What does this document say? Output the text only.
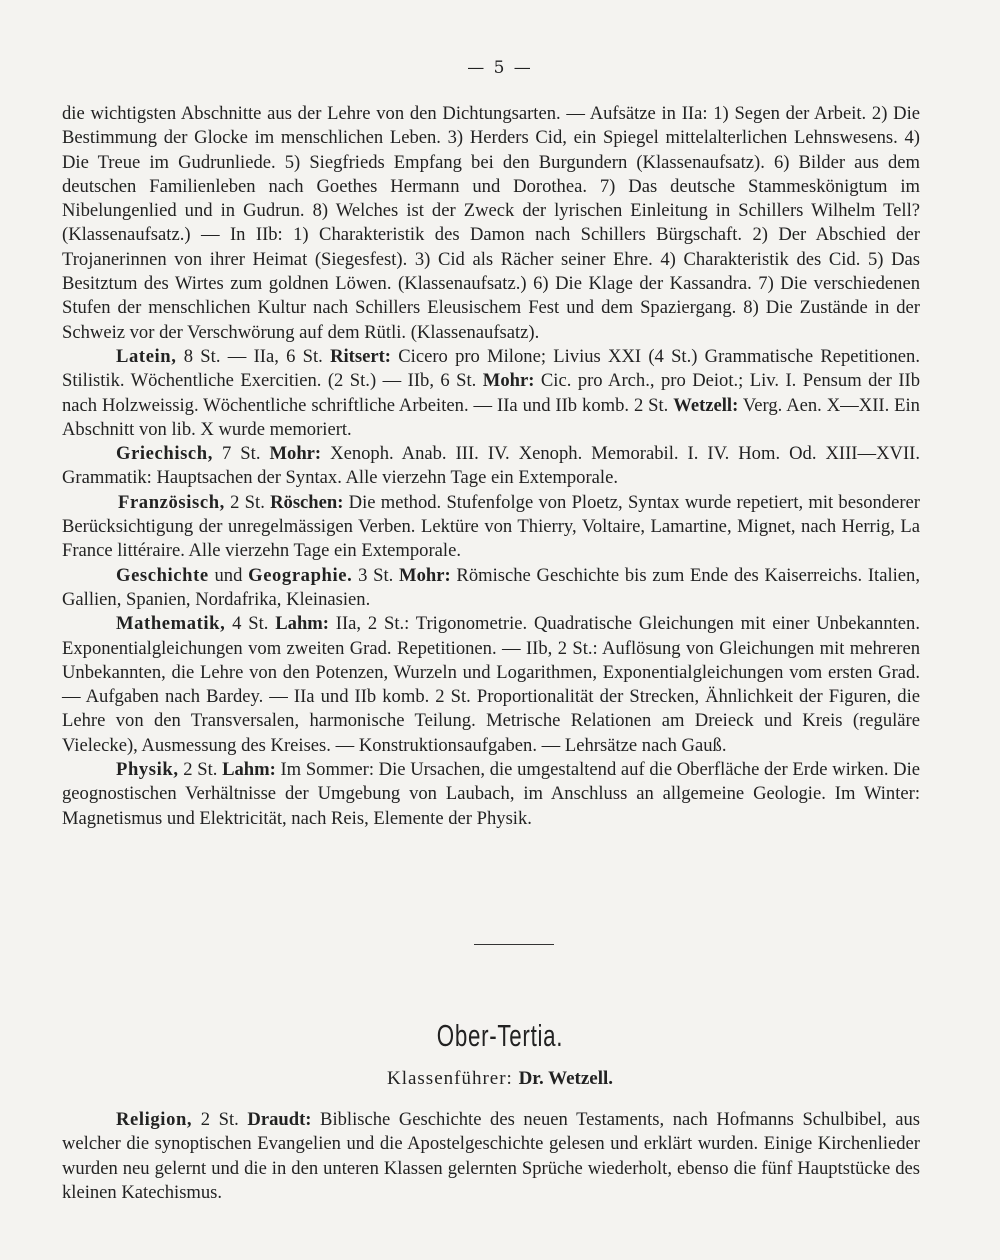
— 5 —

die wichtigsten Abschnitte aus der Lehre von den Dichtungsarten. — Aufsätze in IIa: 1) Segen der Arbeit. 2) Die Bestimmung der Glocke im menschlichen Leben. 3) Herders Cid, ein Spiegel mittelalterlichen Lehnswesens. 4) Die Treue im Gudrunliede. 5) Siegfrieds Empfang bei den Burgundern (Klassenaufsatz). 6) Bilder aus dem deutschen Familienleben nach Goethes Hermann und Dorothea. 7) Das deutsche Stammeskönigtum im Nibelungenlied und in Gudrun. 8) Welches ist der Zweck der lyrischen Einleitung in Schillers Wilhelm Tell? (Klassenaufsatz.) — In IIb: 1) Charakteristik des Damon nach Schillers Bürgschaft. 2) Der Abschied der Trojanerinnen von ihrer Heimat (Siegesfest). 3) Cid als Rächer seiner Ehre. 4) Charakteristik des Cid. 5) Das Besitztum des Wirtes zum goldnen Löwen. (Klassenaufsatz.) 6) Die Klage der Kassandra. 7) Die verschiedenen Stufen der menschlichen Kultur nach Schillers Eleusischem Fest und dem Spaziergang. 8) Die Zustände in der Schweiz vor der Verschwörung auf dem Rütli. (Klassenaufsatz).

Latein, 8 St. — IIa, 6 St. Ritsert: Cicero pro Milone; Livius XXI (4 St.) Grammatische Repetitionen. Stilistik. Wöchentliche Exercitien. (2 St.) — IIb, 6 St. Mohr: Cic. pro Arch., pro Deiot.; Liv. I. Pensum der IIb nach Holzweissig. Wöchentliche schriftliche Arbeiten. — IIa und IIb komb. 2 St. Wetzell: Verg. Aen. X—XII. Ein Abschnitt von lib. X wurde memoriert.

Griechisch, 7 St. Mohr: Xenoph. Anab. III. IV. Xenoph. Memorabil. I. IV. Hom. Od. XIII—XVII. Grammatik: Hauptsachen der Syntax. Alle vierzehn Tage ein Extemporale.

Französisch, 2 St. Röschen: Die method. Stufenfolge von Ploetz, Syntax wurde repetiert, mit besonderer Berücksichtigung der unregelmässigen Verben. Lektüre von Thierry, Voltaire, Lamartine, Mignet, nach Herrig, La France littéraire. Alle vierzehn Tage ein Extemporale.

Geschichte und Geographie. 3 St. Mohr: Römische Geschichte bis zum Ende des Kaiserreichs. Italien, Gallien, Spanien, Nordafrika, Kleinasien.

Mathematik, 4 St. Lahm: IIa, 2 St.: Trigonometrie. Quadratische Gleichungen mit einer Unbekannten. Exponentialgleichungen vom zweiten Grad. Repetitionen. — IIb, 2 St.: Auflösung von Gleichungen mit mehreren Unbekannten, die Lehre von den Potenzen, Wurzeln und Logarithmen, Exponentialgleichungen vom ersten Grad. — Aufgaben nach Bardey. — IIa und IIb komb. 2 St. Proportionalität der Strecken, Ähnlichkeit der Figuren, die Lehre von den Transversalen, harmonische Teilung. Metrische Relationen am Dreieck und Kreis (reguläre Vielecke), Ausmessung des Kreises. — Konstruktionsaufgaben. — Lehrsätze nach Gauß.

Physik, 2 St. Lahm: Im Sommer: Die Ursachen, die umgestaltend auf die Oberfläche der Erde wirken. Die geognostischen Verhältnisse der Umgebung von Laubach, im Anschluss an allgemeine Geologie. Im Winter: Magnetismus und Elektricität, nach Reis, Elemente der Physik.

Ober-Tertia.
Klassenführer: Dr. Wetzell.

Religion, 2 St. Draudt: Biblische Geschichte des neuen Testaments, nach Hofmanns Schulbibel, aus welcher die synoptischen Evangelien und die Apostelgeschichte gelesen und erklärt wurden. Einige Kirchenlieder wurden neu gelernt und die in den unteren Klassen gelernten Sprüche wiederholt, ebenso die fünf Hauptstücke des kleinen Katechismus.
